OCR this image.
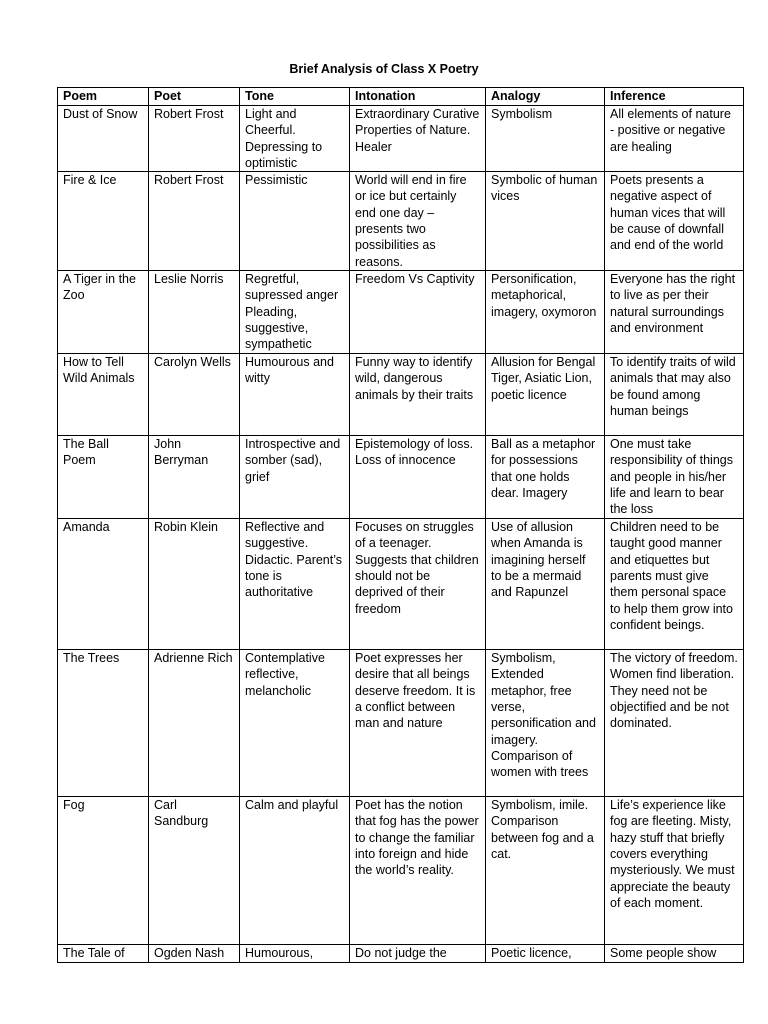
Brief Analysis of Class X Poetry
Poem	Poet	Tone	Intonation	Analogy	Inference
Dust of Snow	Robert Frost	Light and Cheerful. Depressing to optimistic	Extraordinary Curative Properties of Nature. Healer	Symbolism	All elements of nature - positive or negative are healing
Fire & Ice	Robert Frost	Pessimistic	World will end in fire or ice but certainly end one day – presents two possibilities as reasons.	Symbolic of human vices	Poets presents a negative aspect of human vices that will be cause of downfall and end of the world
A Tiger in the Zoo	Leslie Norris	Regretful, supressed anger Pleading, suggestive, sympathetic	Freedom Vs Captivity	Personification, metaphorical, imagery, oxymoron	Everyone has the right to live as per their natural surroundings and environment
How to Tell Wild Animals	Carolyn Wells	Humourous and witty	Funny way to identify wild, dangerous animals by their traits	Allusion for Bengal Tiger, Asiatic Lion, poetic licence	To identify traits of wild animals that may also be found among human beings
The Ball Poem	John Berryman	Introspective and somber (sad), grief	Epistemology of loss. Loss of innocence	Ball as a metaphor for possessions that one holds dear. Imagery	One must take responsibility of things and people in his/her life and learn to bear the loss
Amanda	Robin Klein	Reflective and suggestive. Didactic. Parent’s tone is authoritative	Focuses on struggles of a teenager. Suggests that children should not be deprived of their freedom	Use of allusion when Amanda is imagining herself to be a mermaid and Rapunzel	Children need to be taught good manner and etiquettes but parents must give them personal space to help them grow into confident beings.
The Trees	Adrienne Rich	Contemplative reflective, melancholic	Poet expresses her desire that all beings deserve freedom. It is a conflict between man and nature	Symbolism, Extended metaphor, free verse, personification and imagery. Comparison of women with trees	The victory of freedom. Women find liberation. They need not be objectified and be not dominated.
Fog	Carl Sandburg	Calm and playful	Poet has the notion that fog has the power to change the familiar into foreign and hide the world’s reality.	Symbolism, imile. Comparison between fog and a cat.	Life’s experience like fog are fleeting. Misty, hazy stuff that briefly covers everything mysteriously. We must appreciate the beauty of each moment.
The Tale of	Ogden Nash	Humourous,	Do not judge the	Poetic licence,	Some people show
